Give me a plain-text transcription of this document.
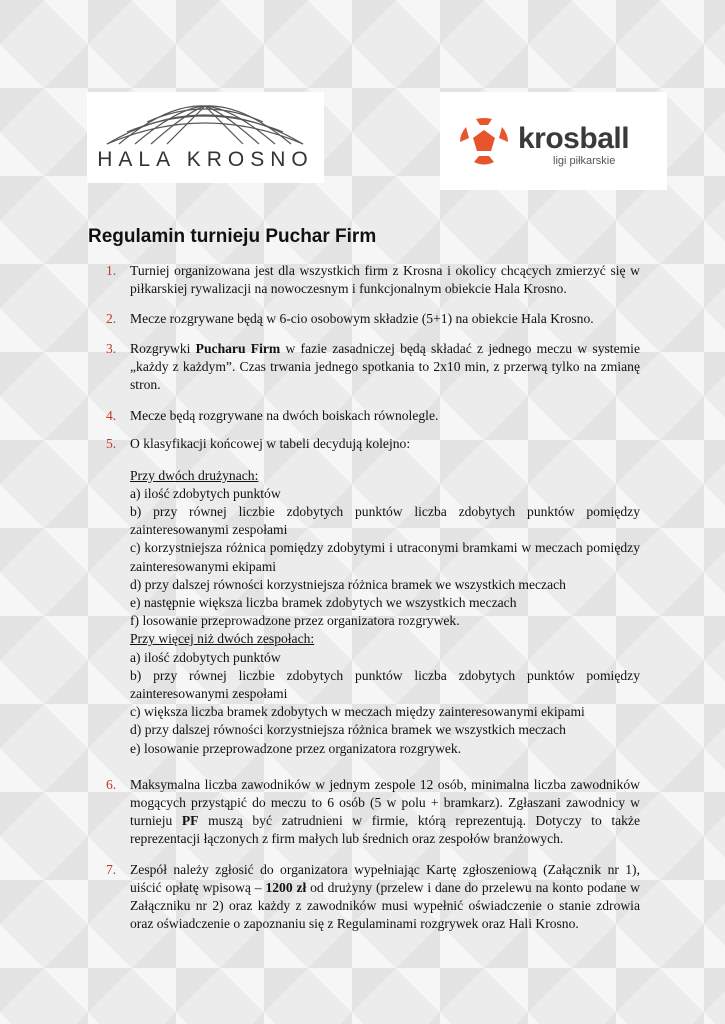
HALA KROSNO
krosball
ligi piłkarskie
Regulamin turnieju Puchar Firm
1. Turniej organizowana jest dla wszystkich firm z Krosna i okolicy chcących zmierzyć się w piłkarskiej rywalizacji na nowoczesnym i funkcjonalnym obiekcie Hala Krosno.
2. Mecze rozgrywane będą w 6-cio osobowym składzie (5+1) na obiekcie Hala Krosno.
3. Rozgrywki Pucharu Firm w fazie zasadniczej będą składać z jednego meczu w systemie „każdy z każdym”. Czas trwania jednego spotkania to 2x10 min, z przerwą tylko na zmianę stron.
4. Mecze będą rozgrywane na dwóch boiskach równolegle.
5. O klasyfikacji końcowej w tabeli decydują kolejno:
Przy dwóch drużynach:
a) ilość zdobytych punktów
b) przy równej liczbie zdobytych punktów liczba zdobytych punktów pomiędzy zainteresowanymi zespołami
c) korzystniejsza różnica pomiędzy zdobytymi i utraconymi bramkami w meczach pomiędzy zainteresowanymi ekipami
d) przy dalszej równości korzystniejsza różnica bramek we wszystkich meczach
e) następnie większa liczba bramek zdobytych we wszystkich meczach
f) losowanie przeprowadzone przez organizatora rozgrywek.
Przy więcej niż dwóch zespołach:
a) ilość zdobytych punktów
b) przy równej liczbie zdobytych punktów liczba zdobytych punktów pomiędzy zainteresowanymi zespołami
c) większa liczba bramek zdobytych w meczach między zainteresowanymi ekipami
d) przy dalszej równości korzystniejsza różnica bramek we wszystkich meczach
e) losowanie przeprowadzone przez organizatora rozgrywek.
6. Maksymalna liczba zawodników w jednym zespole 12 osób, minimalna liczba zawodników mogących przystąpić do meczu to 6 osób (5 w polu + bramkarz). Zgłaszani zawodnicy w turnieju PF muszą być zatrudnieni w firmie, którą reprezentują. Dotyczy to także reprezentacji łączonych z firm małych lub średnich oraz zespołów branżowych.
7. Zespół należy zgłosić do organizatora wypełniając Kartę zgłoszeniową (Załącznik nr 1), uiścić opłatę wpisową – 1200 zł od drużyny (przelew i dane do przelewu na konto podane w Załączniku nr 2) oraz każdy z zawodników musi wypełnić oświadczenie o stanie zdrowia oraz oświadczenie o zapoznaniu się z Regulaminami rozgrywek oraz Hali Krosno.
